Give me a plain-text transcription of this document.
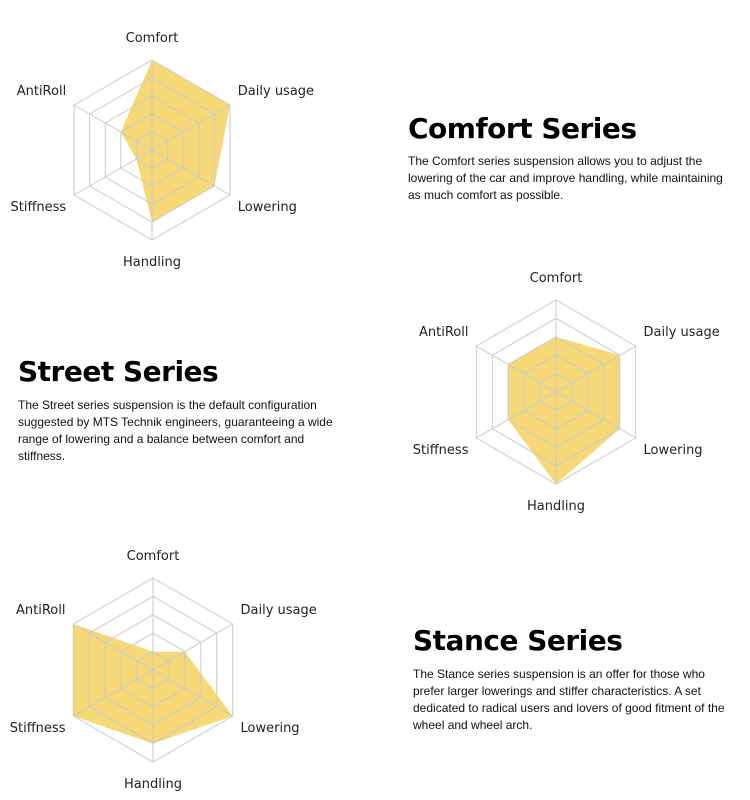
Comfort
Daily usage
Lowering
Handling
Stiffness
AntiRoll
Comfort Series

The Comfort series suspension allows you to adjust the lowering of the car and improve handling, while maintaining as much comfort as possible.

Comfort
Daily usage
Lowering
Handling
Stiffness
AntiRoll
Street Series

The Street series suspension is the default configuration suggested by MTS Technik engineers, guaranteeing a wide range of lowering and a balance between comfort and stiffness.

Comfort
Daily usage
Lowering
Handling
Stiffness
AntiRoll
Stance Series

The Stance series suspension is an offer for those who prefer larger lowerings and stiffer characteristics. A set dedicated to radical users and lovers of good fitment of the wheel and wheel arch.
